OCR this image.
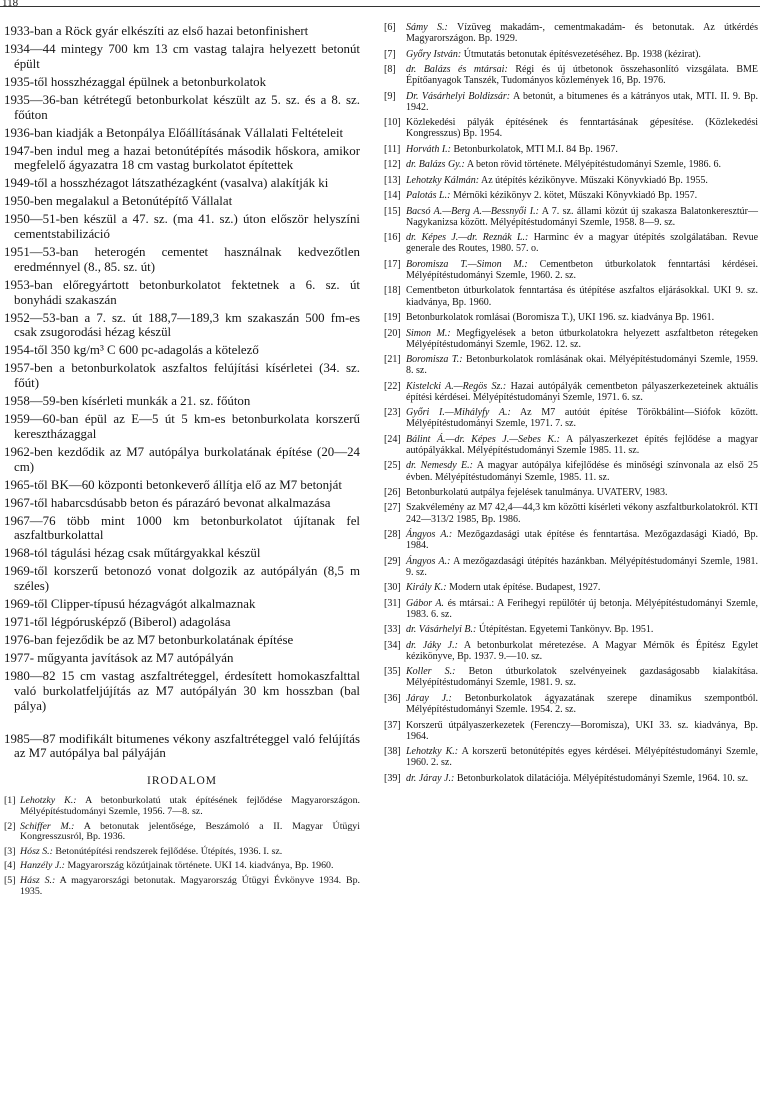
118

1933-ban a Röck gyár elkészíti az első hazai betonfinishert

1934—44 mintegy 700 km 13 cm vastag talajra helyezett betonút épült

1935-től hosszhézaggal épülnek a betonburkolatok

1935—36-ban kétrétegű betonburkolat készült az 5. sz. és a 8. sz. főúton

1936-ban kiadják a Betonpálya Előállításának Vállalati Feltételeit

1947-ben indul meg a hazai betonútépítés második hőskora, amikor megfelelő ágyazatra 18 cm vastag burkolatot építettek

1949-től a hosszhézagot látszathézagként (vasalva) alakítják ki

1950-ben megalakul a Betonútépítő Vállalat

1950—51-ben készül a 47. sz. (ma 41. sz.) úton először helyszíni cementstabilizáció

1951—53-ban heterogén cementet használnak kedvezőtlen eredménnyel (8., 85. sz. út)

1953-ban előregyártott betonburkolatot fektetnek a 6. sz. út bonyhádi szakaszán

1952—53-ban a 7. sz. út 188,7—189,3 km szakaszán 500 fm-es csak zsugorodási hézag készül

1954-től 350 kg/m³ C 600 pc-adagolás a kötelező

1957-ben a betonburkolatok aszfaltos felújítási kísérletei (34. sz. főút)

1958—59-ben kísérleti munkák a 21. sz. főúton

1959—60-ban épül az E—5 út 5 km-es betonburkolata korszerű keresztházaggal

1962-ben kezdődik az M7 autópálya burkolatának építése (20—24 cm)

1965-től BK—60 központi betonkeverő állítja elő az M7 betonját

1967-től habarcsdúsabb beton és párazáró bevonat alkalmazása

1967—76 több mint 1000 km betonburkolatot újítanak fel aszfaltburkolattal

1968-tól tágulási hézag csak műtárgyakkal készül

1969-től korszerű betonozó vonat dolgozik az autópályán (8,5 m széles)

1969-től Clipper-típusú hézagvágót alkalmaznak

1971-től légpórusképző (Biberol) adagolása

1976-ban fejeződik be az M7 betonburkolatának építése

1977- műgyanta javítások az M7 autópályán

1980—82 15 cm vastag aszfaltréteggel, érdesített homokaszfalttal való burkolatfeljújítás az M7 autópályán 30 km hosszban (bal pálya)

1985—87 modifikált bitumenes vékony aszfaltréteggel való felújítás az M7 autópálya bal pályáján

IRODALOM

[1] Lehotzky K.: A betonburkolatú utak építésének fejlődése Magyarországon. Mélyépítéstudományi Szemle, 1956. 7—8. sz.

[2] Schiffer M.: A betonutak jelentősége, Beszámoló a II. Magyar Útügyi Kongresszusról, Bp. 1936.

[3] Hósz S.: Betonútépítési rendszerek fejlődése. Útépítés, 1936. I. sz.

[4] Hanzély J.: Magyarország közútjainak története. UKI 14. kiadványa, Bp. 1960.

[5] Hász S.: A magyarországi betonutak. Magyarország Útügyi Évkönyve 1934. Bp. 1935.

[6] Sámy S.: Vízüveg makadám-, cementmakadám- és betonutak. Az útkérdés Magyarországon. Bp. 1929.

[7] Győry István: Útmutatás betonutak építésvezetéséhez. Bp. 1938 (kézirat).

[8] dr. Balázs és mtársai: Régi és új útbetonok összehasonlító vizsgálata. BME Építőanyagok Tanszék, Tudományos közlemények 16, Bp. 1976.

[9] Dr. Vásárhelyi Boldizsár: A betonút, a bitumenes és a kátrányos utak, MTI. II. 9. Bp. 1942.

[10] Közlekedési pályák építésének és fenntartásának gépesítése. (Közlekedési Kongresszus) Bp. 1954.

[11] Horváth I.: Betonburkolatok, MTI M.I. 84 Bp. 1967.

[12] dr. Balázs Gy.: A beton rövid története. Mélyépítéstudományi Szemle, 1986. 6.

[13] Lehotzky Kálmán: Az útépítés kézikönyve. Műszaki Könyvkiadó Bp. 1955.

[14] Palotás L.: Mérnöki kézikönyv 2. kötet, Műszaki Könyvkiadó Bp. 1957.

[15] Bacsó A.—Berg A.—Bessnyői I.: A 7. sz. állami közút új szakasza Balatonkeresztúr—Nagykanizsa között. Mélyépítéstudományi Szemle, 1958. 8—9. sz.

[16] dr. Képes J.—dr. Reznák L.: Harminc év a magyar útépítés szolgálatában. Revue generale des Routes, 1980. 57. o.

[17] Boromisza T.—Simon M.: Cementbeton útburkolatok fenntartási kérdései. Mélyépítéstudományi Szemle, 1960. 2. sz.

[18] Cementbeton útburkolatok fenntartása és útépítése aszfaltos eljárásokkal. UKI 9. sz. kiadványa, Bp. 1960.

[19] Betonburkolatok romlásai (Boromisza T.), UKI 196. sz. kiadványa Bp. 1961.

[20] Simon M.: Megfigyelések a beton útburkolatokra helyezett aszfaltbeton rétegeken Mélyépítéstudományi Szemle, 1962. 12. sz.

[21] Boromisza T.: Betonburkolatok romlásának okai. Mélyépítéstudományi Szemle, 1959. 8. sz.

[22] Kistelcki A.—Regös Sz.: Hazai autópályák cementbeton pályaszerkezeteinek aktuális építési kérdései. Mélyépítéstudományi Szemle, 1971. 6. sz.

[23] Győri I.—Mihályfy A.: Az M7 autóút építése Törökbálint—Siófok között. Mélyépítéstudományi Szemle, 1971. 7. sz.

[24] Bálint Á.—dr. Képes J.—Sebes K.: A pályaszerkezet építés fejlődése a magyar autópályákkal. Mélyépítéstudományi Szemle 1985. 11. sz.

[25] dr. Nemesdy E.: A magyar autópálya kifejlődése és minőségi színvonala az első 25 évben. Mélyépítéstudományi Szemle, 1985. 11. sz.

[26] Betonburkolatú autpálya fejelések tanulmánya. UVATERV, 1983.

[27] Szakvélemény az M7 42,4—44,3 km közötti kísérleti vékony aszfaltburkolatokról. KTI 242—313/2 1985, Bp. 1986.

[28] Ángyos A.: Mezőgazdasági utak építése és fenntartása. Mezőgazdasági Kiadó, Bp. 1984.

[29] Ángyos A.: A mezőgazdasági útépítés hazánkban. Mélyépítéstudományi Szemle, 1981. 9. sz.

[30] Király K.: Modern utak építése. Budapest, 1927.

[31] Gábor A. és mtársai.: A Ferihegyi repülőtér új betonja. Mélyépítéstudományi Szemle, 1983. 6. sz.

[33] dr. Vásárhelyi B.: Útépítéstan. Egyetemi Tankönyv. Bp. 1951.

[34] dr. Jáky J.: A betonburkolat méretezése. A Magyar Mérnök és Építész Egylet kézikönyve, Bp. 1937. 9.—10. sz.

[35] Koller S.: Beton útburkolatok szelvényeinek gazdaságosabb kialakítása. Mélyépítéstudományi Szemle, 1981. 9. sz.

[36] Járay J.: Betonburkolatok ágyazatának szerepe dinamikus szempontból. Mélyépítéstudományi Szemle. 1954. 2. sz.

[37] Korszerű útpályaszerkezetek (Ferenczy—Boromisza), UKI 33. sz. kiadványa, Bp. 1964.

[38] Lehotzky K.: A korszerű betonútépítés egyes kérdései. Mélyépítéstudományi Szemle, 1960. 2. sz.

[39] dr. Járay J.: Betonburkolatok dilatációja. Mélyépítéstudományi Szemle, 1964. 10. sz.
